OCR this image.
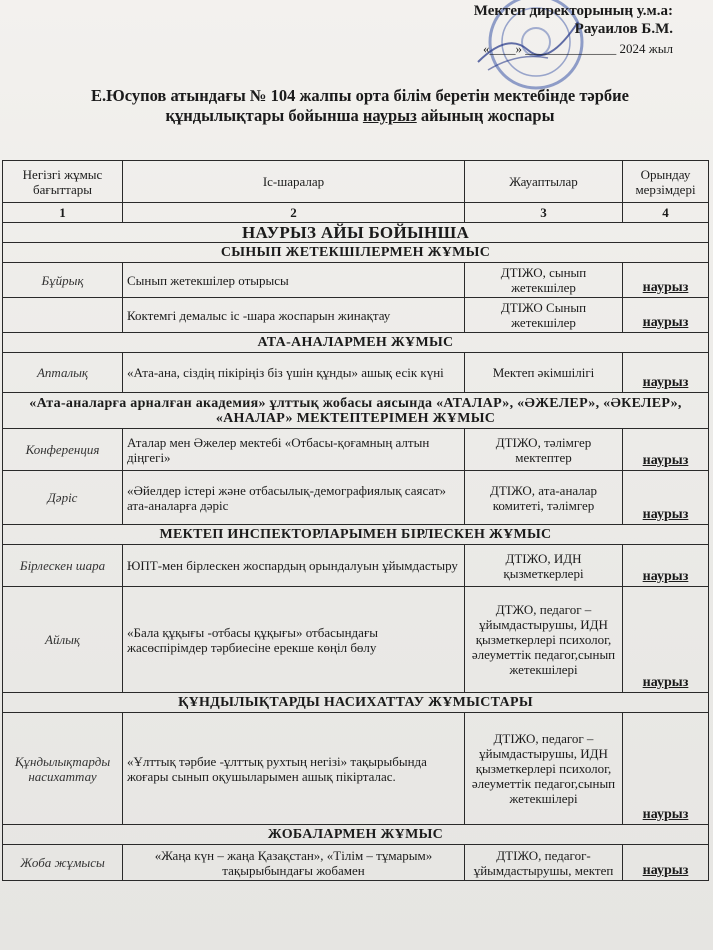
Мектеп директорының у.м.а:
Рауаилов Б.М.
«____» ______________ 2024 жыл
Е.Юсупов атындағы № 104 жалпы орта білім беретін мектебінде тәрбие
құндылықтары бойынша наурыз айының жоспары
Негізгі жұмыс бағыттары	Іс-шаралар	Жауаптылар	Орындау мерзімдері
1	2	3	4
НАУРЫЗ АЙЫ БОЙЫНША			
СЫНЫП ЖЕТЕКШІЛЕРМЕН ЖҰМЫС			
Бұйрық	Сынып жетекшілер отырысы	ДТІЖО, сынып жетекшілер	наурыз
	Коктемгі демалыс іс -шара жоспарын жинақтау	ДТІЖО Сынып жетекшілер	наурыз
АТА-АНАЛАРМЕН ЖҰМЫС			
Апталық	«Ата-ана, сіздің пікіріңіз біз үшін құнды» ашық есік күні	Мектеп әкімшілігі	наурыз
«Ата-аналарға арналған академия» ұлттық жобасы аясында «АТАЛАР», «ӘЖЕЛЕР», «ӘКЕЛЕР», «АНАЛАР» МЕКТЕПТЕРІМЕН ЖҰМЫС			
Конференция	Аталар мен Әжелер мектебі «Отбасы-қоғамның алтын діңгегі»	ДТІЖО, тәлімгер мектептер	наурыз
Дәріс	«Әйелдер істері және отбасылық-демографиялық саясат» ата-аналарға дәріс	ДТІЖО, ата-аналар комитеті, тәлімгер	наурыз
МЕКТЕП ИНСПЕКТОРЛАРЫМЕН БІРЛЕСКЕН ЖҰМЫС			
Бірлескен шара	ЮПТ-мен бірлескен жоспардың орындалуын ұйымдастыру	ДТІЖО, ИДН қызметкерлері	наурыз
Айлық	«Бала құқығы -отбасы құқығы» отбасындағы жасөспірімдер тәрбиесіне ерекше көңіл бөлу	ДТЖО, педагог – ұйымдастырушы, ИДН қызметкерлері психолог, әлеуметтік педагог,сынып жетекшілері	наурыз
ҚҰНДЫЛЫҚТАРДЫ НАСИХАТТАУ ЖҰМЫСТАРЫ			
Құндылықтарды насихаттау	«Ұлттық тәрбие -ұлттық рухтың негізі» тақырыбында жоғары сынып оқушыларымен ашық пікірталас.	ДТІЖО, педагог – ұйымдастырушы, ИДН қызметкерлері психолог, әлеуметтік педагог,сынып жетекшілері	наурыз
ЖОБАЛАРМЕН ЖҰМЫС			
Жоба жұмысы	«Жаңа күн – жаңа Қазақстан», «Тілім – тұмарым» тақырыбындағы жобамен	ДТІЖО, педагог-ұйымдастырушы, мектеп	наурыз
